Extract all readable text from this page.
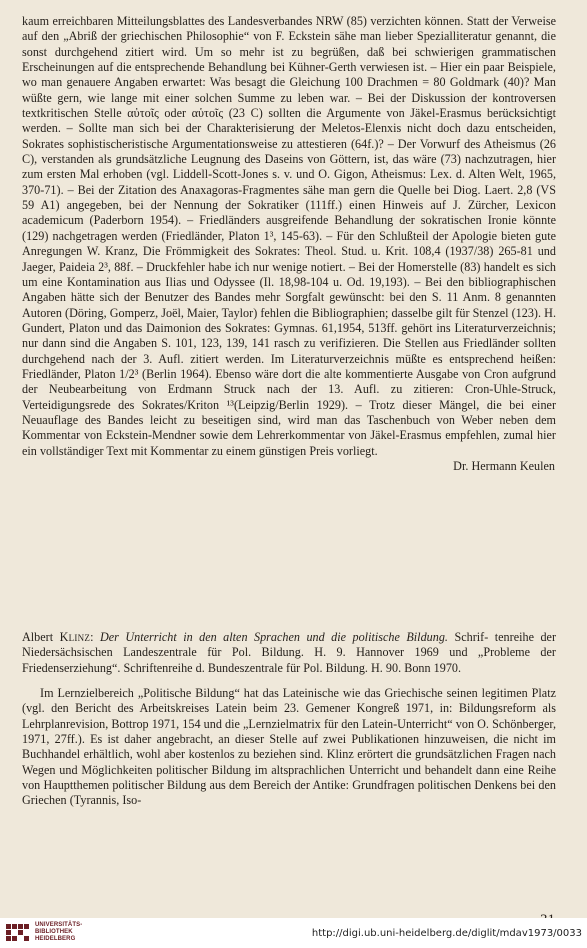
kaum erreichbaren Mitteilungsblattes des Landesverbandes NRW (85) verzichten können. Statt der Verweise auf den „Abriß der griechischen Philosophie“ von F. Eckstein sähe man lieber Spezialliteratur genannt, die sonst durchgehend zitiert wird. Um so mehr ist zu begrüßen, daß bei schwierigen grammatischen Erscheinungen auf die entsprechende Behandlung bei Kühner-Gerth verwiesen ist. – Hier ein paar Beispiele, wo man genauere Angaben erwartet: Was besagt die Gleichung 100 Drachmen = 80 Goldmark (40)? Man wüßte gern, wie lange mit einer solchen Summe zu leben war. – Bei der Diskussion der kontroversen textkritischen Stelle αὐτοῖς oder αὑτοῖς (23 C) sollten die Argumente von Jäkel-Erasmus berücksichtigt werden. – Sollte man sich bei der Charakterisierung der Meletos-Elenxis nicht doch dazu entscheiden, Sokrates sophistischeristische Argumentationsweise zu attestieren (64f.)? – Der Vorwurf des Atheismus (26 C), verstanden als grundsätzliche Leugnung des Daseins von Göttern, ist, das wäre (73) nachzutragen, hier zum ersten Mal erhoben (vgl. Liddell-Scott-Jones s. v. und O. Gigon, Atheismus: Lex. d. Alten Welt, 1965, 370-71). – Bei der Zitation des Anaxagoras-Fragmentes sähe man gern die Quelle bei Diog. Laert. 2,8 (VS 59 A1) angegeben, bei der Nennung der Sokratiker (111ff.) einen Hinweis auf J. Zürcher, Lexicon academicum (Paderborn 1954). – Friedländers ausgreifende Behandlung der sokratischen Ironie könnte (129) nachgetragen werden (Friedländer, Platon 1³, 145-63). – Für den Schlußteil der Apologie bieten gute Anregungen W. Kranz, Die Frömmigkeit des Sokrates: Theol. Stud. u. Krit. 108,4 (1937/38) 265-81 und Jaeger, Paideia 2³, 88f. – Druckfehler habe ich nur wenige notiert. – Bei der Homerstelle (83) handelt es sich um eine Kontamination aus Ilias und Odyssee (Il. 18,98-104 u. Od. 19,193). – Bei den bibliographischen Angaben hätte sich der Benutzer des Bandes mehr Sorgfalt gewünscht: bei den S. 11 Anm. 8 genannten Autoren (Döring, Gomperz, Joël, Maier, Taylor) fehlen die Bibliographien; dasselbe gilt für Stenzel (123). H. Gundert, Platon und das Daimonion des Sokrates: Gymnas. 61,1954, 513ff. gehört ins Literaturverzeichnis; nur dann sind die Angaben S. 101, 123, 139, 141 rasch zu verifizieren. Die Stellen aus Friedländer sollten durchgehend nach der 3. Aufl. zitiert werden. Im Literaturverzeichnis müßte es entsprechend heißen: Friedländer, Platon 1/2³ (Berlin 1964). Ebenso wäre dort die alte kommentierte Ausgabe von Cron aufgrund der Neubearbeitung von Erdmann Struck nach der 13. Aufl. zu zitieren: Cron-Uhle-Struck, Verteidigungsrede des Sokrates/Kriton ¹³(Leipzig/Berlin 1929). – Trotz dieser Mängel, die bei einer Neuauflage des Bandes leicht zu beseitigen sind, wird man das Taschenbuch von Weber neben dem Kommentar von Eckstein-Mendner sowie dem Lehrerkommentar von Jäkel-Erasmus empfehlen, zumal hier ein vollständiger Text mit Kommentar zu einem günstigen Preis vorliegt.

Dr. Hermann Keulen

Albert Klinz: Der Unterricht in den alten Sprachen und die politische Bildung. Schrif- tenreihe der Niedersächsischen Landeszentrale für Pol. Bildung. H. 9. Hannover 1969 und „Probleme der Friedenserziehung“. Schriftenreihe d. Bundeszentrale für Pol. Bildung. H. 90. Bonn 1970.

Im Lernzielbereich „Politische Bildung“ hat das Lateinische wie das Griechische seinen legitimen Platz (vgl. den Bericht des Arbeitskreises Latein beim 23. Gemener Kongreß 1971, in: Bildungsreform als Lehrplanrevision, Bottrop 1971, 154 und die „Lernzielmatrix für den Latein-Unterricht“ von O. Schönberger, 1971, 27ff.). Es ist daher angebracht, an dieser Stelle auf zwei Publikationen hinzuweisen, die nicht im Buchhandel erhältlich, wohl aber kostenlos zu beziehen sind. Klinz erörtert die grundsätzlichen Fragen nach Wegen und Möglichkeiten politischer Bildung im altsprachlichen Unterricht und behandelt dann eine Reihe von Hauptthemen politischer Bildung aus dem Bereich der Antike: Grundfragen politischen Denkens bei den Griechen (Tyrannis, Iso-

UNIVERSITÄTS-
BIBLIOTHEK
HEIDELBERG	http://digi.ub.uni-heidelberg.de/diglit/mdav1973/0033
